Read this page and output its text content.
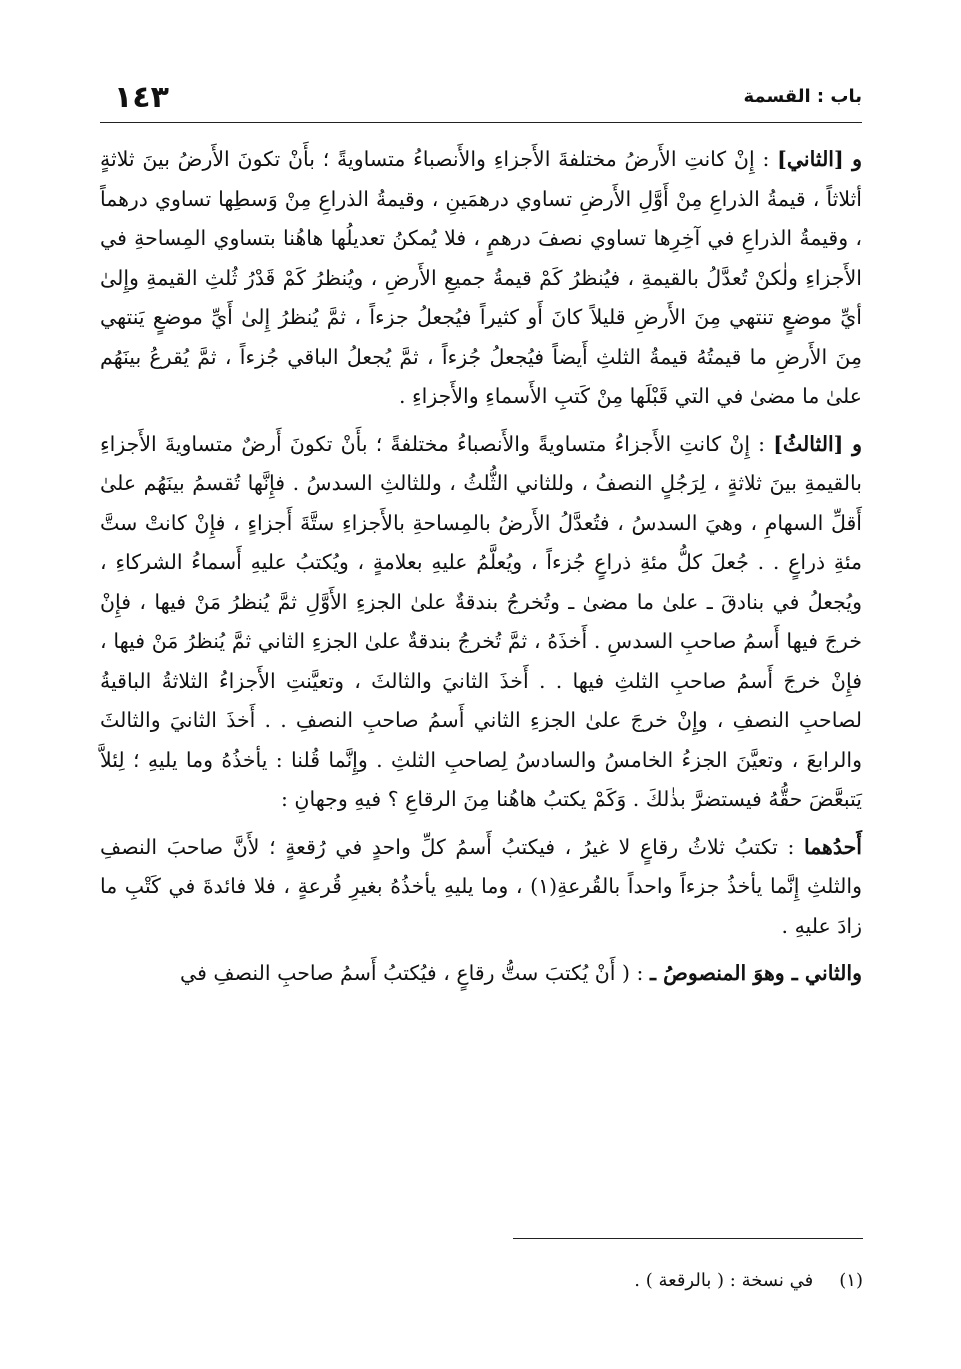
باب : القسمة
١٤٣

و [الثاني] : إِنْ كانتِ الأَرضُ مختلفةَ الأَجزاءِ والأَنصباءُ متساويةً ؛ بأَنْ تكونَ الأَرضُ بينَ ثلاثةٍ أثلاثاً ، قيمةُ الذراعِ مِنْ أَوَّلِ الأَرضِ تساوي درهمَينِ ، وقيمةُ الذراعِ مِنْ وَسطِها تساوي درهماً ، وقيمةُ الذراعِ في آخِرِها تساوي نصفَ درهمٍ ، فلا يُمكنُ تعديلُها هاهُنا بتساوي المِساحةِ في الأَجزاءِ ولٰكنْ تُعدَّلُ بالقيمةِ ، فيُنظرُ كَمْ قيمةُ جميعِ الأَرضِ ، ويُنظرُ كَمْ قَدْرُ ثُلثِ القيمةِ وإِلىٰ أيِّ موضعٍ تنتهي مِنَ الأَرضِ قليلاً كانَ أَو كثيراً فيُجعلُ جزءاً ، ثمَّ يُنظرُ إِلىٰ أَيِّ موضعٍ يَنتهي مِنَ الأَرضِ ما قيمتُهُ قيمةُ الثلثِ أَيضاً فيُجعلُ جُزءاً ، ثمَّ يُجعلُ الباقي جُزءاً ، ثمَّ يُقرعُ بينَهُم علىٰ ما مضىٰ في التي قَبْلَها مِنْ كَتبِ الأَسماءِ والأَجزاءِ .

و [الثالثُ] : إِنْ كانتِ الأَجزاءُ متساويةً والأَنصباءُ مختلفةً ؛ بأَنْ تكونَ أَرضٌ متساويةَ الأَجزاءِ بالقيمةِ بينَ ثلاثةٍ ، لِرَجُلٍ النصفُ ، وللثاني الثُّلثُ ، وللثالثِ السدسُ . فإِنَّها تُقسمُ بينَهُم علىٰ أَقلِّ السهامِ ، وهيَ السدسُ ، فتُعدَّلُ الأَرضُ بالمِساحةِ بالأَجزاءِ ستَّةَ أَجزاءٍ ، فإِنْ كانتْ ستَّ مئةِ ذراعٍ . . جُعلَ كلُّ مئةِ ذراعٍ جُزءاً ، ويُعلَّمُ عليهِ بعلامةٍ ، ويُكتبُ عليهِ أَسماءُ الشركاءِ ، ويُجعلُ في بنادقَ ـ علىٰ ما مضىٰ ـ وتُخرجُ بندقةٌ علىٰ الجزءِ الأَوَّلِ ثمَّ يُنظرُ مَنْ فيها ، فإِنْ خرجَ فيها أَسمُ صاحبِ السدسِ . أَخذَهُ ، ثمَّ تُخرجُ بندقةٌ علىٰ الجزءِ الثاني ثمَّ يُنظرُ مَنْ فيها ، فإِنْ خرجَ أَسمُ صاحبِ الثلثِ فيها . . أَخذَ الثانيَ والثالثَ ، وتعيَّنتِ الأَجزاءُ الثلاثةُ الباقيةُ لصاحبِ النصفِ ، وإِنْ خرجَ علىٰ الجزءِ الثاني أَسمُ صاحبِ النصفِ . . أَخذَ الثانيَ والثالثَ والرابعَ ، وتعيَّنَ الجزءُ الخامسُ والسادسُ لِصاحبِ الثلثِ . وإِنَّما قُلنا : يأخذُهُ وما يليهِ ؛ لِئلاَّ يَتبعَّضَ حقُّهُ فيستضرَّ بذٰلكَ . وَكَمْ يكتبُ هاهُنا مِنَ الرقاعِ ؟ فيهِ وجهانِ :

أَحدُهما : تكتبُ ثلاثُ رقاعٍ لا غيرُ ، فيكتبُ أَسمُ كلِّ واحدٍ في رُقعةٍ ؛ لأَنَّ صاحبَ النصفِ والثلثِ إِنَّما يأخذُ جزءاً واحداً بالقُرعةِ(١) ، وما يليهِ يأخذُهُ بغيرِ قُرعةٍ ، فلا فائدةَ في كَتْبِ ما زادَ عليهِ .

والثاني ـ وهوَ المنصوصُ ـ : ( أَنْ يُكتبَ ستُّ رقاعٍ ، فيُكتبُ أَسمُ صاحبِ النصفِ في

(١)في نسخة : ( بالرقعة ) .
